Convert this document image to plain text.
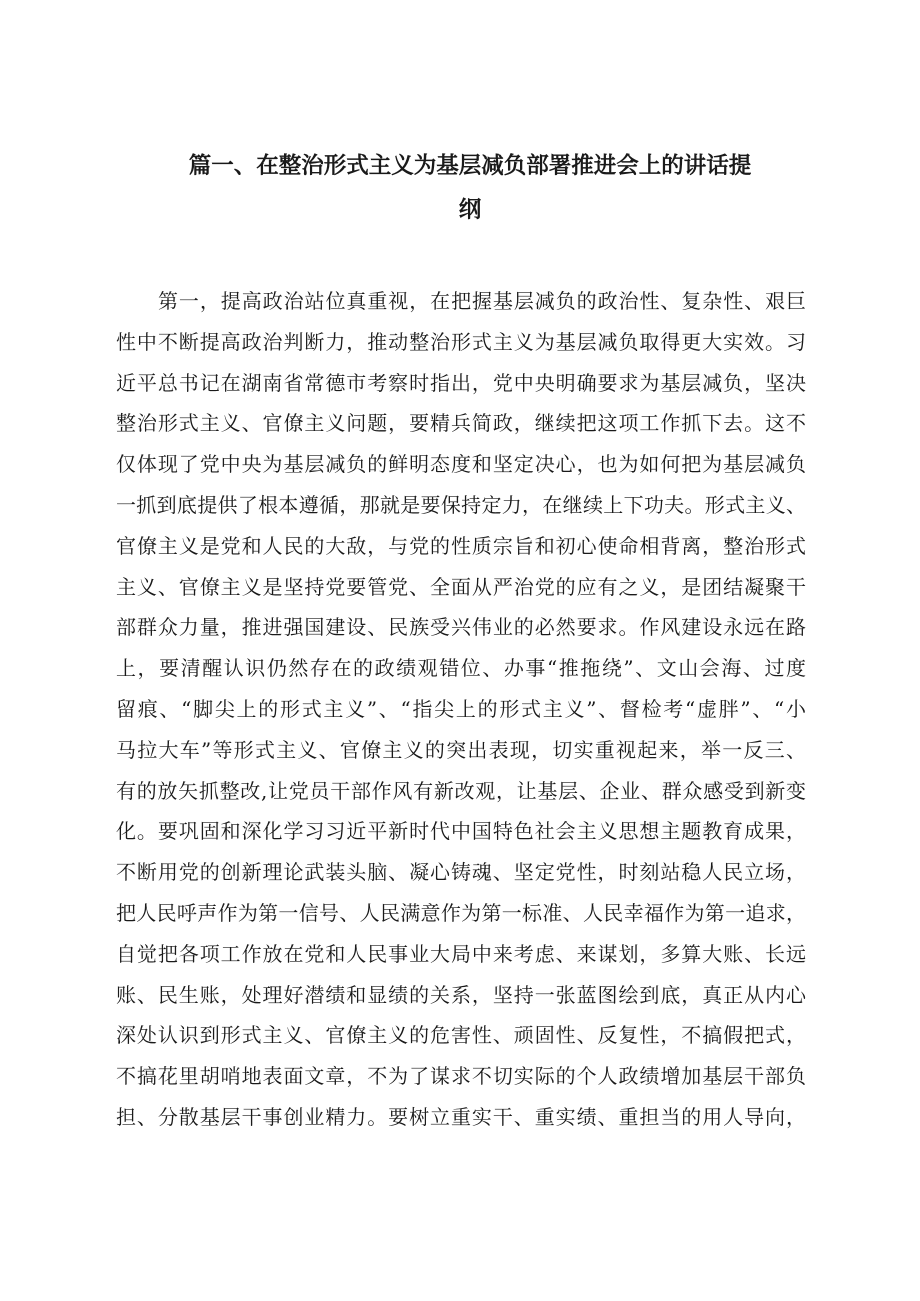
篇一、在整治形式主义为基层减负部署推进会上的讲话提
纲
第一，提高政治站位真重视，在把握基层减负的政治性、复杂性、艰巨
性中不断提高政治判断力，推动整治形式主义为基层减负取得更大实效。习
近平总书记在湖南省常德市考察时指出，党中央明确要求为基层减负，坚决
整治形式主义、官僚主义问题，要精兵简政，继续把这项工作抓下去。这不
仅体现了党中央为基层减负的鲜明态度和坚定决心，也为如何把为基层减负
一抓到底提供了根本遵循，那就是要保持定力，在继续上下功夫。形式主义、
官僚主义是党和人民的大敌，与党的性质宗旨和初心使命相背离，整治形式
主义、官僚主义是坚持党要管党、全面从严治党的应有之义，是团结凝聚干
部群众力量，推进强国建设、民族受兴伟业的必然要求。作风建设永远在路
上，要清醒认识仍然存在的政绩观错位、办事“推拖绕”、文山会海、过度
留痕、“脚尖上的形式主义”、“指尖上的形式主义”、督检考“虚胖”、“小
马拉大车”等形式主义、官僚主义的突出表现，切实重视起来，举一反三、
有的放矢抓整改,让党员干部作风有新改观，让基层、企业、群众感受到新变
化。要巩固和深化学习习近平新时代中国特色社会主义思想主题教育成果，
不断用党的创新理论武装头脑、凝心铸魂、坚定党性，时刻站稳人民立场，
把人民呼声作为第一信号、人民满意作为第一标准、人民幸福作为第一追求，
自觉把各项工作放在党和人民事业大局中来考虑、来谋划，多算大账、长远
账、民生账，处理好潜绩和显绩的关系，坚持一张蓝图绘到底，真正从内心
深处认识到形式主义、官僚主义的危害性、顽固性、反复性，不搞假把式，
不搞花里胡哨地表面文章，不为了谋求不切实际的个人政绩增加基层干部负
担、分散基层干事创业精力。要树立重实干、重实绩、重担当的用人导向，
